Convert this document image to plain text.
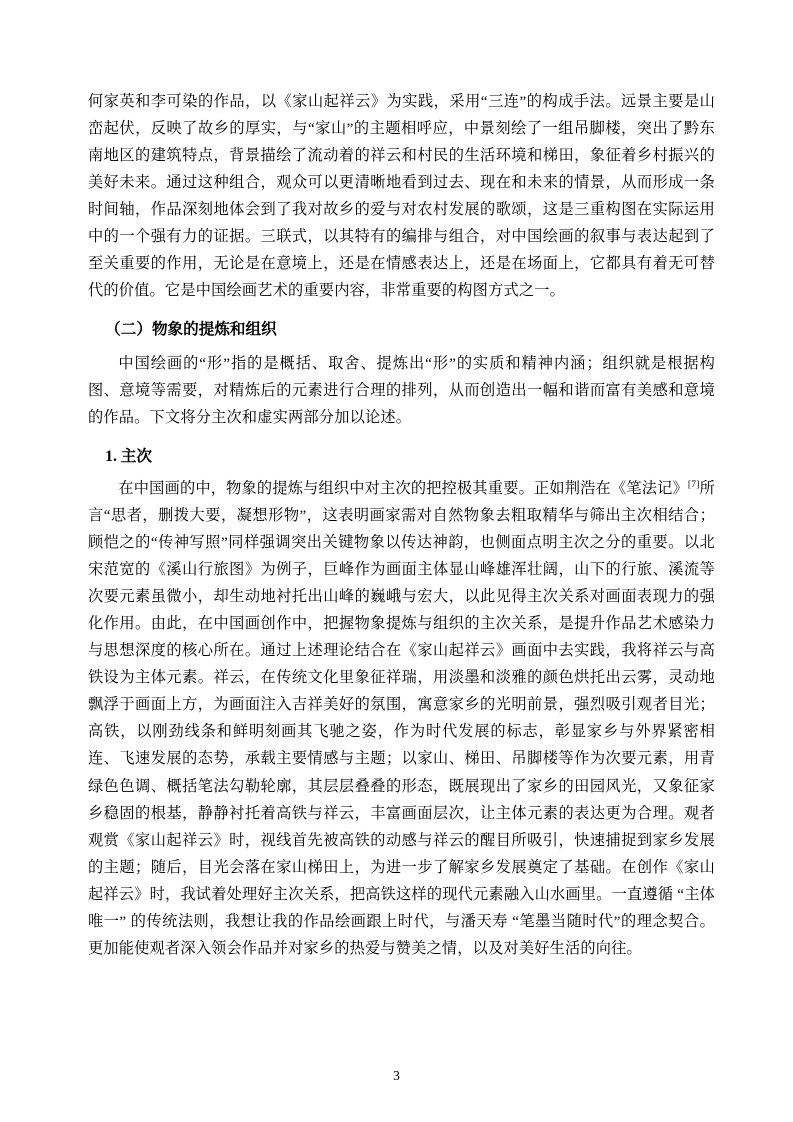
何家英和李可染的作品，以《家山起祥云》为实践，采用“三连”的构成手法。远景主要是山峦起伏，反映了故乡的厚实，与“家山”的主题相呼应，中景刻绘了一组吊脚楼，突出了黔东南地区的建筑特点，背景描绘了流动着的祥云和村民的生活环境和梯田，象征着乡村振兴的美好未来。通过这种组合，观众可以更清晰地看到过去、现在和未来的情景，从而形成一条时间轴，作品深刻地体会到了我对故乡的爱与对农村发展的歌颂，这是三重构图在实际运用中的一个强有力的证据。三联式，以其特有的编排与组合，对中国绘画的叙事与表达起到了至关重要的作用，无论是在意境上，还是在情感表达上，还是在场面上，它都具有着无可替代的价值。它是中国绘画艺术的重要内容，非常重要的构图方式之一。

（二）物象的提炼和组织

中国绘画的“形”指的是概括、取舍、提炼出“形”的实质和精神内涵；组织就是根据构图、意境等需要，对精炼后的元素进行合理的排列，从而创造出一幅和谐而富有美感和意境的作品。下文将分主次和虚实两部分加以论述。

1. 主次

在中国画的中，物象的提炼与组织中对主次的把控极其重要。正如荆浩在《笔法记》[7]所言“思者，删拨大要，凝想形物”，这表明画家需对自然物象去粗取精华与筛出主次相结合；顾恺之的“传神写照”同样强调突出关键物象以传达神韵，也侧面点明主次之分的重要。以北宋范宽的《溪山行旅图》为例子，巨峰作为画面主体显山峰雄浑壮阔，山下的行旅、溪流等次要元素虽微小，却生动地衬托出山峰的巍峨与宏大，以此见得主次关系对画面表现力的强化作用。由此，在中国画创作中，把握物象提炼与组织的主次关系，是提升作品艺术感染力与思想深度的核心所在。通过上述理论结合在《家山起祥云》画面中去实践，我将祥云与高铁设为主体元素。祥云，在传统文化里象征祥瑞，用淡墨和淡雅的颜色烘托出云雾，灵动地飘浮于画面上方，为画面注入吉祥美好的氛围，寓意家乡的光明前景，强烈吸引观者目光；高铁，以刚劲线条和鲜明刻画其飞驰之姿，作为时代发展的标志，彰显家乡与外界紧密相连、飞速发展的态势，承载主要情感与主题；以家山、梯田、吊脚楼等作为次要元素，用青绿色色调、概括笔法勾勒轮廓，其层层叠叠的形态，既展现出了家乡的田园风光，又象征家乡稳固的根基，静静衬托着高铁与祥云，丰富画面层次，让主体元素的表达更为合理。观者观赏《家山起祥云》时，视线首先被高铁的动感与祥云的醒目所吸引，快速捕捉到家乡发展的主题；随后，目光会落在家山梯田上，为进一步了解家乡发展奠定了基础。在创作《家山起祥云》时，我试着处理好主次关系，把高铁这样的现代元素融入山水画里。一直遵循 “主体唯一” 的传统法则，我想让我的作品绘画跟上时代，与潘天寿 “笔墨当随时代”的理念契合。更加能使观者深入领会作品并对家乡的热爱与赞美之情，以及对美好生活的向往。

3
